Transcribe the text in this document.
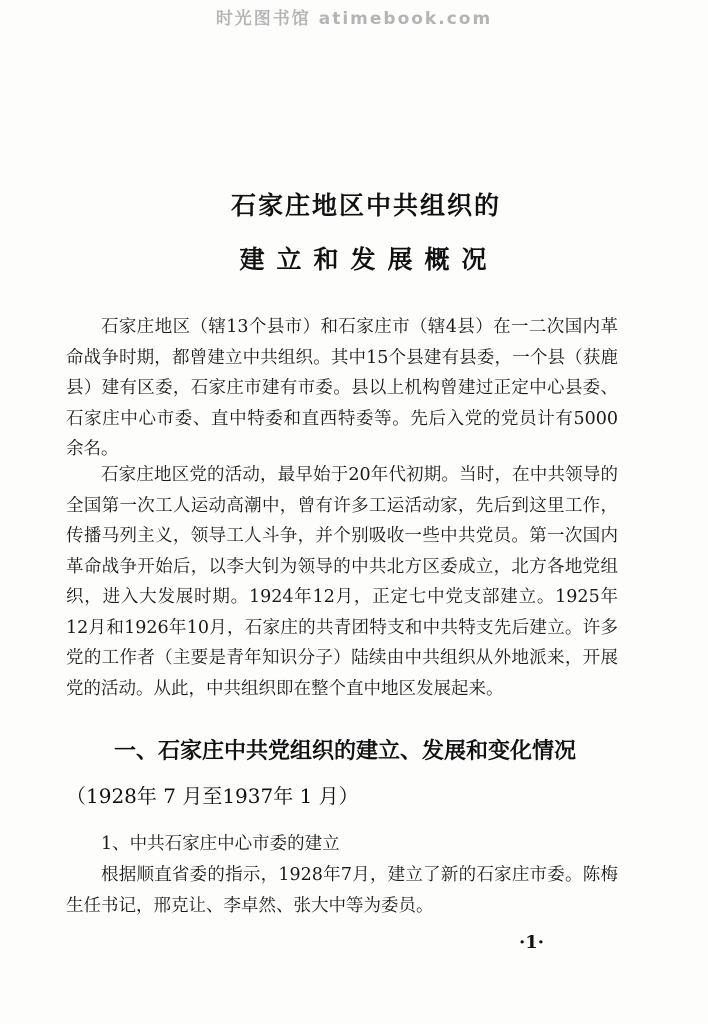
时光图书馆 atimebook.com
石家庄地区中共组织的
建立和发展概况

石家庄地区（辖13个县市）和石家庄市（辖4县）在一二次国内革命战争时期，都曾建立中共组织。其中15个县建有县委，一个县（获鹿县）建有区委，石家庄市建有市委。县以上机构曾建过正定中心县委、石家庄中心市委、直中特委和直西特委等。先后入党的党员计有5000余名。

石家庄地区党的活动，最早始于20年代初期。当时，在中共领导的全国第一次工人运动高潮中，曾有许多工运活动家，先后到这里工作，传播马列主义，领导工人斗争，并个别吸收一些中共党员。第一次国内革命战争开始后，以李大钊为领导的中共北方区委成立，北方各地党组织，进入大发展时期。1924年12月，正定七中党支部建立。1925年12月和1926年10月，石家庄的共青团特支和中共特支先后建立。许多党的工作者（主要是青年知识分子）陆续由中共组织从外地派来，开展党的活动。从此，中共组织即在整个直中地区发展起来。

一、石家庄中共党组织的建立、发展和变化情况（1928年 7 月至1937年 1 月）

1、中共石家庄中心市委的建立

根据顺直省委的指示，1928年7月，建立了新的石家庄市委。陈梅生任书记，邢克让、李卓然、张大中等为委员。

·1·
